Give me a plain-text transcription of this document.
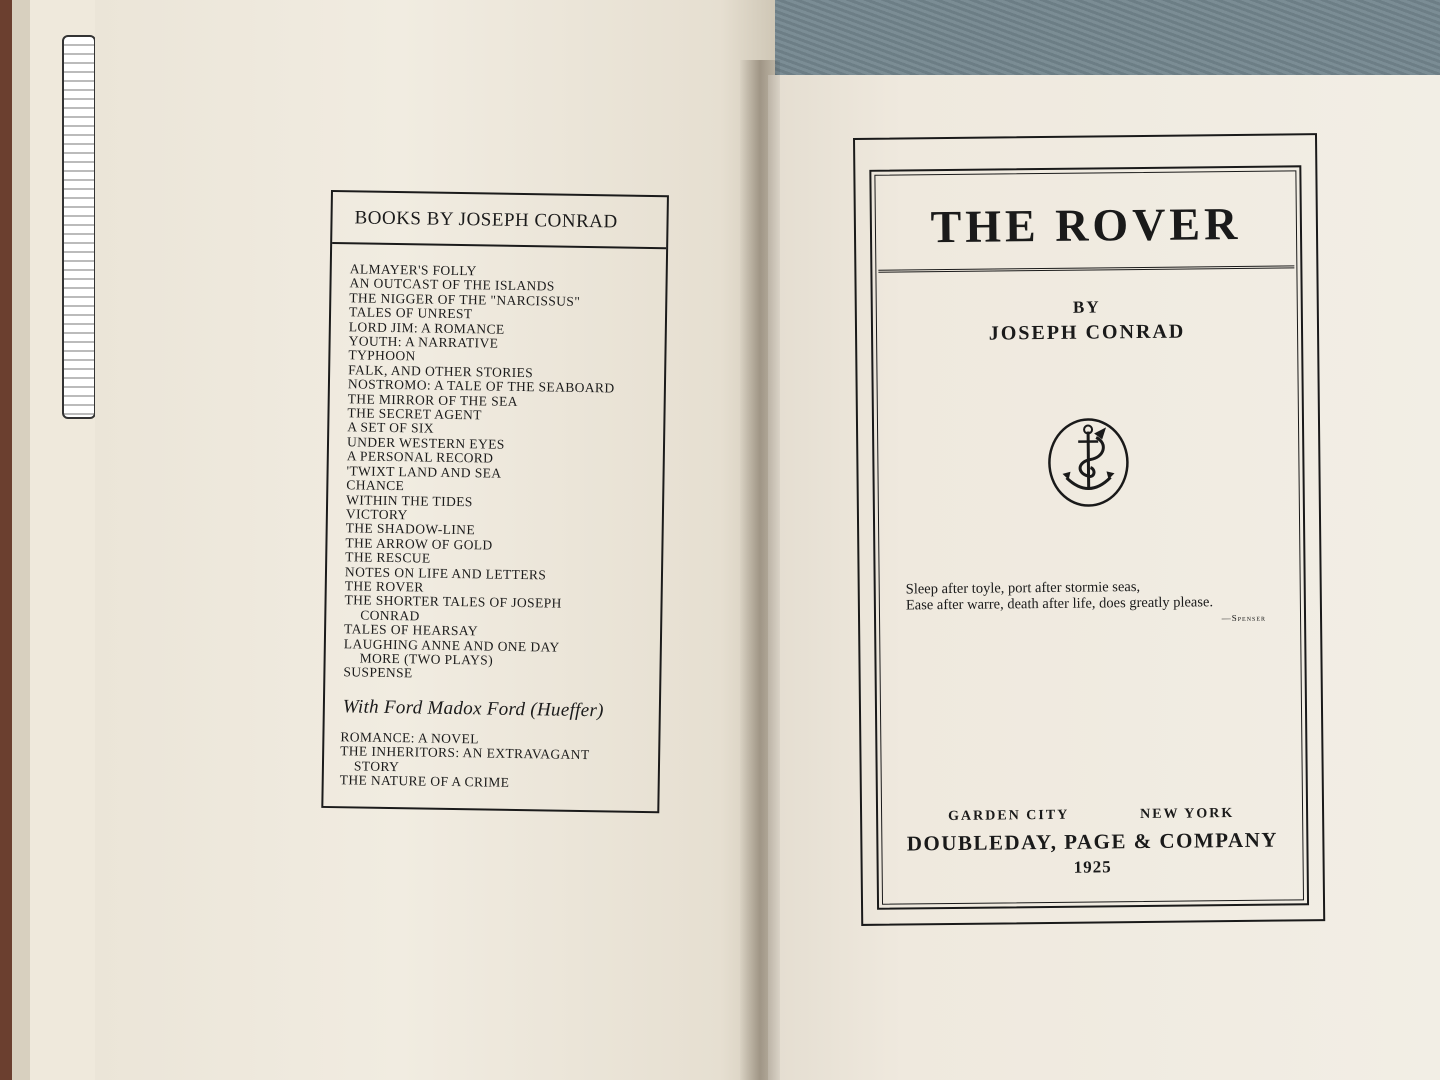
BOOKS BY JOSEPH CONRAD
ALMAYER'S FOLLY
AN OUTCAST OF THE ISLANDS
THE NIGGER OF THE "NARCISSUS"
TALES OF UNREST
LORD JIM: A ROMANCE
YOUTH: A NARRATIVE
TYPHOON
FALK, AND OTHER STORIES
NOSTROMO: A TALE OF THE SEABOARD
THE MIRROR OF THE SEA
THE SECRET AGENT
A SET OF SIX
UNDER WESTERN EYES
A PERSONAL RECORD
'TWIXT LAND AND SEA
CHANCE
WITHIN THE TIDES
VICTORY
THE SHADOW-LINE
THE ARROW OF GOLD
THE RESCUE
NOTES ON LIFE AND LETTERS
THE ROVER
THE SHORTER TALES OF JOSEPH
CONRAD
TALES OF HEARSAY
LAUGHING ANNE AND ONE DAY
MORE (TWO PLAYS)
SUSPENSE
With Ford Madox Ford (Hueffer)
ROMANCE: A NOVEL
THE INHERITORS: AN EXTRAVAGANT
STORY
THE NATURE OF A CRIME
THE ROVER
BY
JOSEPH CONRAD
Sleep after toyle, port after stormie seas,
Ease after warre, death after life, does greatly please.
—Spenser
GARDEN CITY	NEW YORK
DOUBLEDAY, PAGE & COMPANY
1925
